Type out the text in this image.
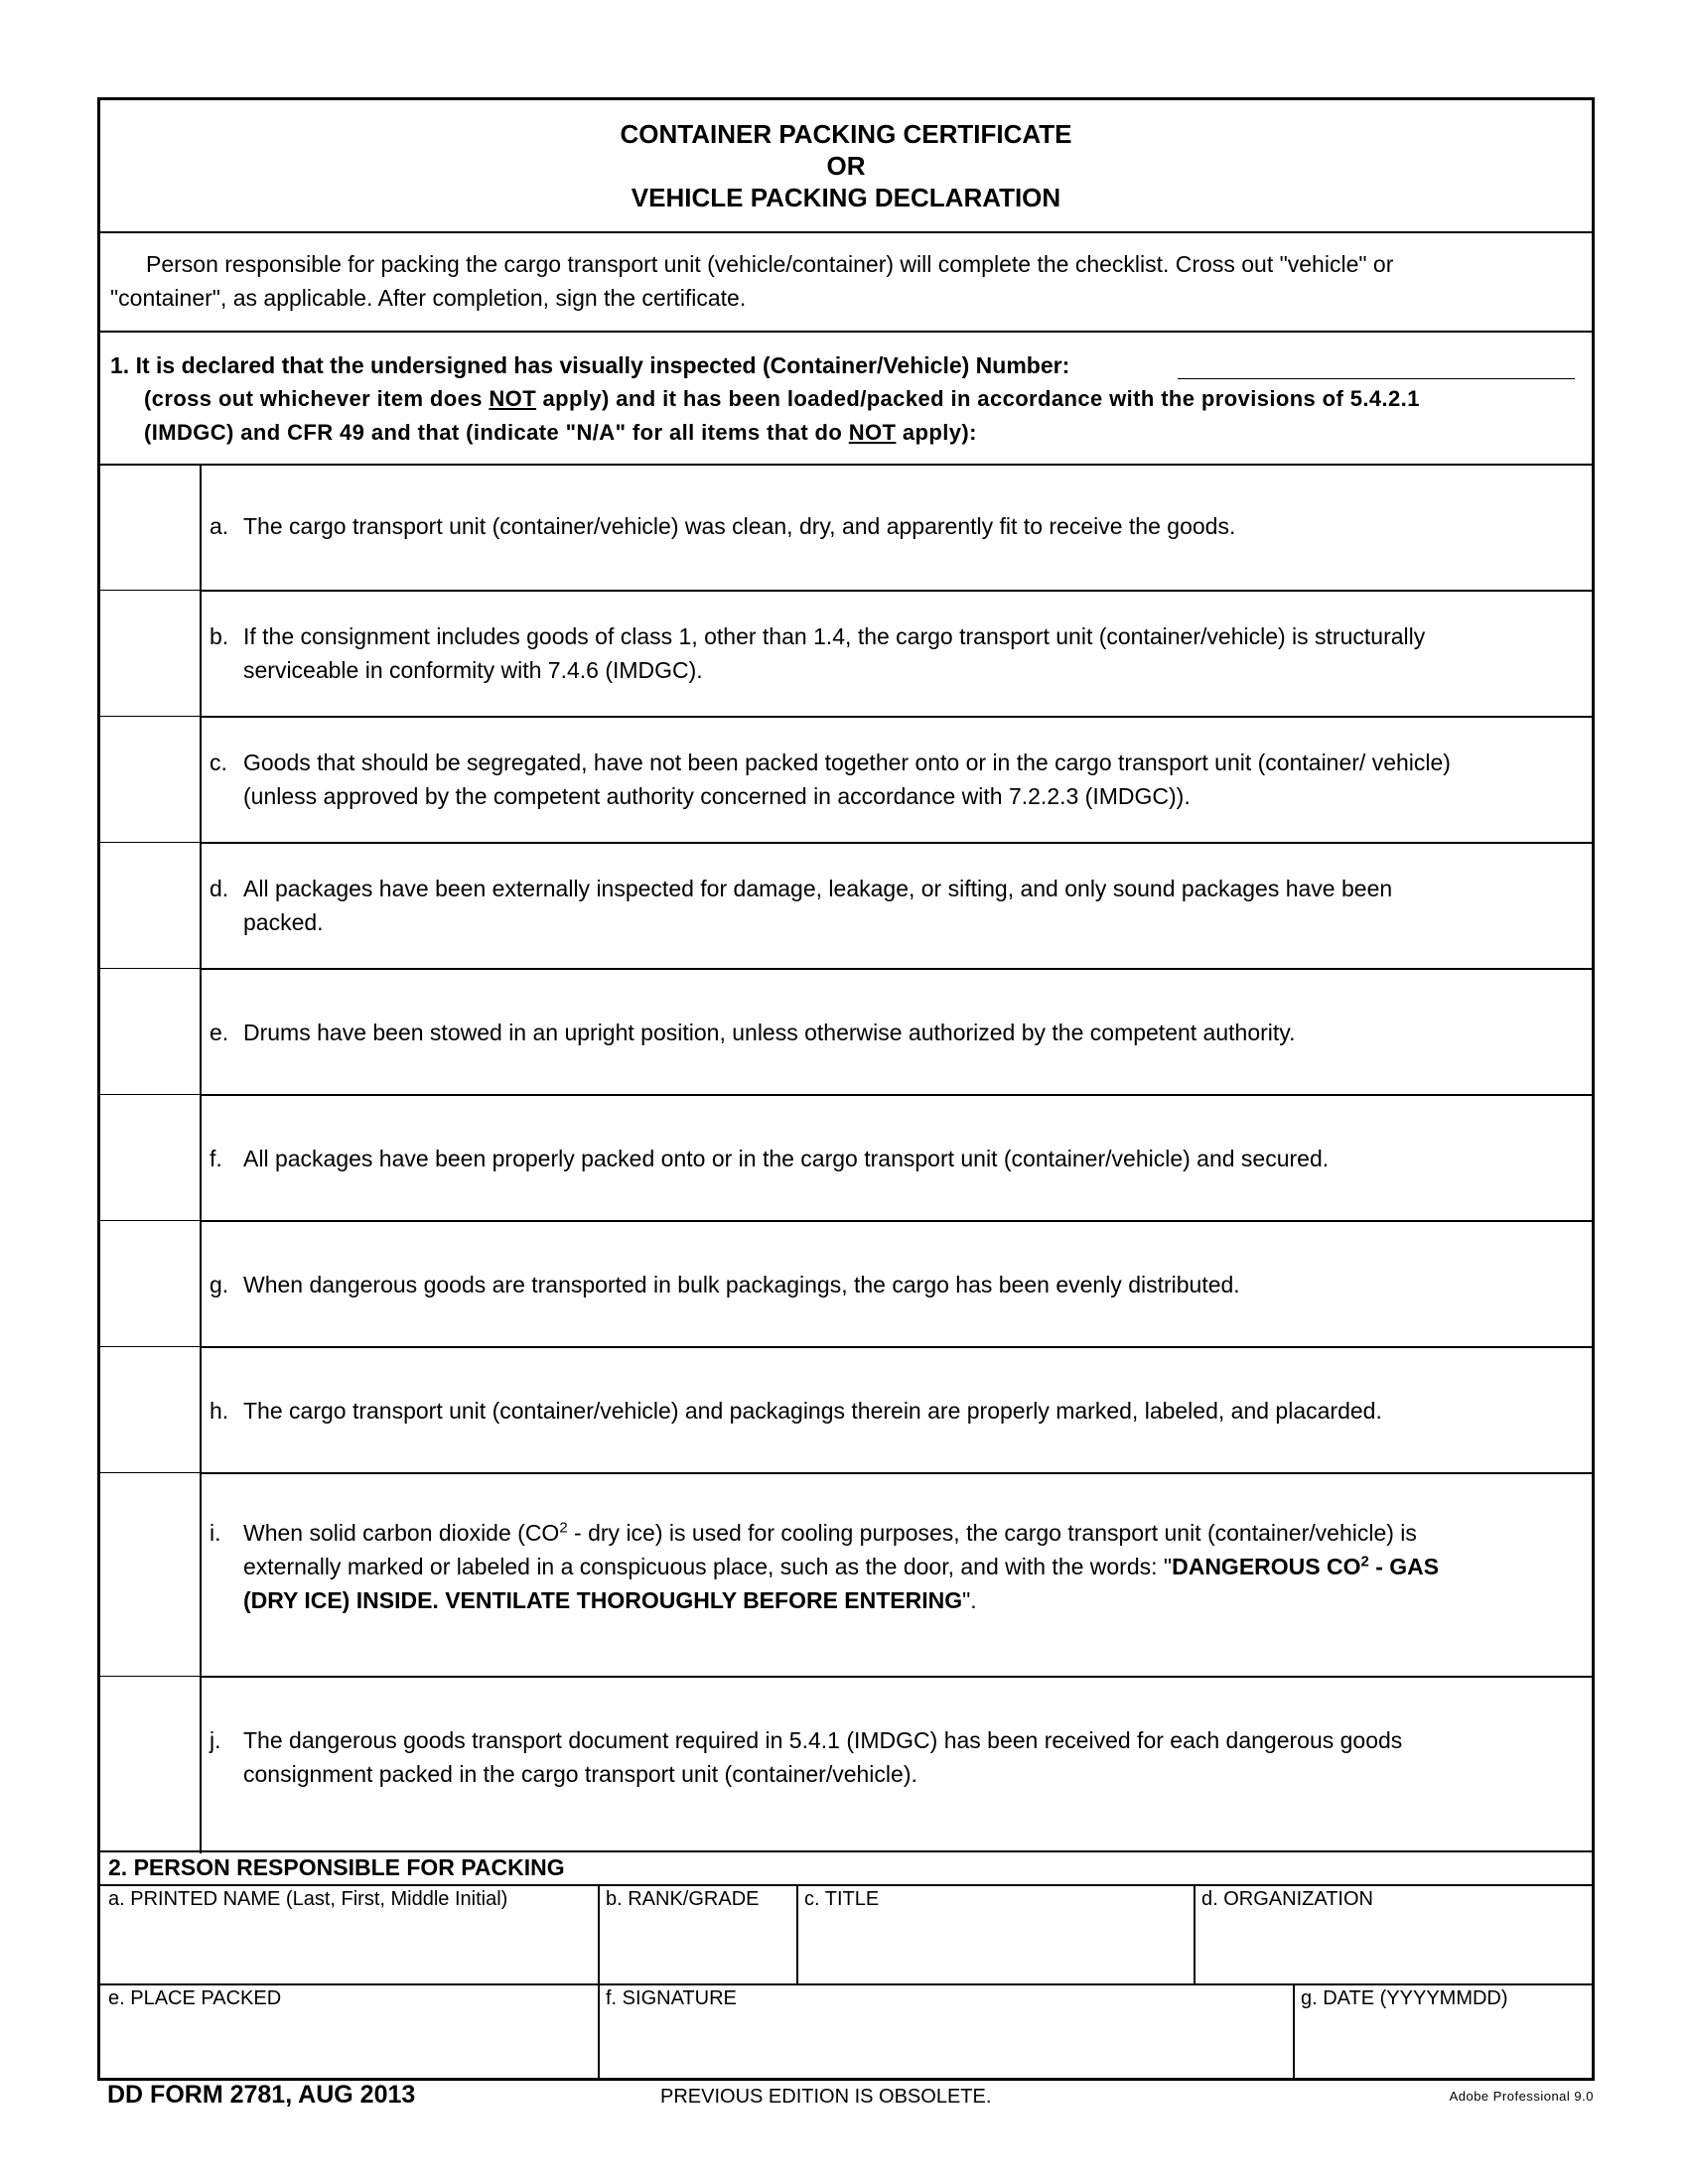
CONTAINER PACKING CERTIFICATE
OR
VEHICLE PACKING DECLARATION
Person responsible for packing the cargo transport unit (vehicle/container) will complete the checklist. Cross out "vehicle" or
"container", as applicable. After completion, sign the certificate.
1. It is declared that the undersigned has visually inspected (Container/Vehicle) Number:
(cross out whichever item does NOT apply) and it has been loaded/packed in accordance with the provisions of 5.4.2.1
(IMDGC) and CFR 49 and that (indicate "N/A" for all items that do NOT apply):
a. The cargo transport unit (container/vehicle) was clean, dry, and apparently fit to receive the goods.
b. If the consignment includes goods of class 1, other than 1.4, the cargo transport unit (container/vehicle) is structurally
serviceable in conformity with 7.4.6 (IMDGC).
c. Goods that should be segregated, have not been packed together onto or in the cargo transport unit (container/ vehicle)
(unless approved by the competent authority concerned in accordance with 7.2.2.3 (IMDGC)).
d. All packages have been externally inspected for damage, leakage, or sifting, and only sound packages have been
packed.
e. Drums have been stowed in an upright position, unless otherwise authorized by the competent authority.
f. All packages have been properly packed onto or in the cargo transport unit (container/vehicle) and secured.
g. When dangerous goods are transported in bulk packagings, the cargo has been evenly distributed.
h. The cargo transport unit (container/vehicle) and packagings therein are properly marked, labeled, and placarded.
i. When solid carbon dioxide ($CO^2$ - dry ice) is used for cooling purposes, the cargo transport unit (container/vehicle) is
externally marked or labeled in a conspicuous place, such as the door, and with the words: "DANGEROUS $CO^2$ - GAS
(DRY ICE) INSIDE. VENTILATE THOROUGHLY BEFORE ENTERING".
j. The dangerous goods transport document required in 5.4.1 (IMDGC) has been received for each dangerous goods
consignment packed in the cargo transport unit (container/vehicle).
2. PERSON RESPONSIBLE FOR PACKING
a. PRINTED NAME (Last, First, Middle Initial)	b. RANK/GRADE	c. TITLE	d. ORGANIZATION
e. PLACE PACKED	f. SIGNATURE	g. DATE (YYYYMMDD)
DD FORM 2781, AUG 2013	PREVIOUS EDITION IS OBSOLETE.	Adobe Professional 9.0
